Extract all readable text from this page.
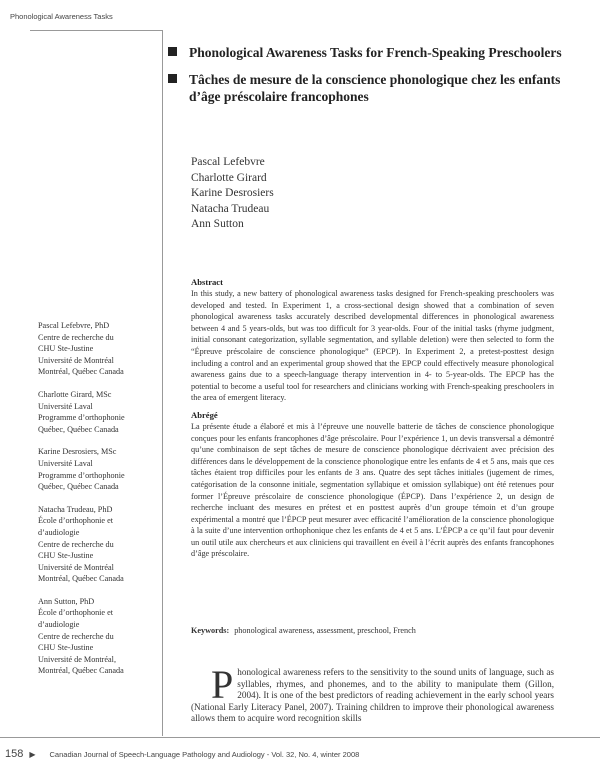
Phonological Awareness Tasks
Phonological Awareness Tasks for French-Speaking Preschoolers
Tâches de mesure de la conscience phonologique chez les enfants d’âge préscolaire francophones
Pascal Lefebvre
Charlotte Girard
Karine Desrosiers
Natacha Trudeau
Ann Sutton
Pascal Lefebvre, PhD
Centre de recherche du
CHU Ste-Justine
Université de Montréal
Montréal, Québec Canada
Charlotte Girard, MSc
Université Laval
Programme d’orthophonie
Québec, Québec Canada
Karine Desrosiers, MSc
Université Laval
Programme d’orthophonie
Québec, Québec Canada
Natacha Trudeau, PhD
École d’orthophonie et
d’audiologie
Centre de recherche du
CHU Ste-Justine
Université de Montréal
Montréal, Québec Canada
Ann Sutton, PhD
École d’orthophonie et
d’audiologie
Centre de recherche du
CHU Ste-Justine
Université de Montréal,
Montréal, Québec Canada
Abstract

In this study, a new battery of phonological awareness tasks designed for French-speaking preschoolers was developed and tested. In Experiment 1, a cross-sectional design showed that a combination of seven phonological awareness tasks accurately described developmental differences in phonological awareness between 4 and 5 years-olds, but was too difficult for 3 year-olds. Four of the initial tasks (rhyme judgment, initial consonant categorization, syllable segmentation, and syllable deletion) were then selected to form the “Épreuve préscolaire de conscience phonologique” (EPCP). In Experiment 2, a pretest-posttest design including a control and an experimental group showed that the EPCP could effectively measure phonological awareness gains due to a speech-language therapy intervention in 4- to 5-year-olds. The EPCP has the potential to become a useful tool for researchers and clinicians working with French-speaking preschoolers in the area of emergent literacy.

Abrégé

La présente étude a élaboré et mis à l’épreuve une nouvelle batterie de tâches de conscience phonologique conçues pour les enfants francophones d’âge préscolaire. Pour l’expérience 1, un devis transversal a démontré qu’une combinaison de sept tâches de mesure de conscience phonologique décrivaient avec précision des différences dans le développement de la conscience phonologique entre les enfants de 4 et 5 ans, mais que ces tâches étaient trop difficiles pour les enfants de 3 ans. Quatre des sept tâches initiales (jugement de rimes, catégorisation de la consonne initiale, segmentation syllabique et omission syllabique) ont été retenues pour former l’Épreuve préscolaire de conscience phonologique (ÉPCP). Dans l’expérience 2, un design de recherche incluant des mesures en prétest et en posttest auprès d’un groupe témoin et d’un groupe expérimental a montré que l’ÉPCP peut mesurer avec efficacité l’amélioration de la conscience phonologique à la suite d’une intervention orthophonique chez les enfants de 4 et 5 ans. L’ÉPCP a ce qu’il faut pour devenir un outil utile aux chercheurs et aux cliniciens qui travaillent en éveil à l’écrit auprès des enfants francophones d’âge préscolaire.

Keywords: phonological awareness, assessment, preschool, French
P honological awareness refers to the sensitivity to the sound units of language, such as syllables, rhymes, and phonemes, and to the ability to manipulate them (Gillon, 2004). It is one of the best predictors of reading achievement in the early school years (National Early Literacy Panel, 2007). Training children to improve their phonological awareness allows them to acquire word recognition skills

158 ▶ Canadian Journal of Speech-Language Pathology and Audiology - Vol. 32, No. 4, winter 2008
